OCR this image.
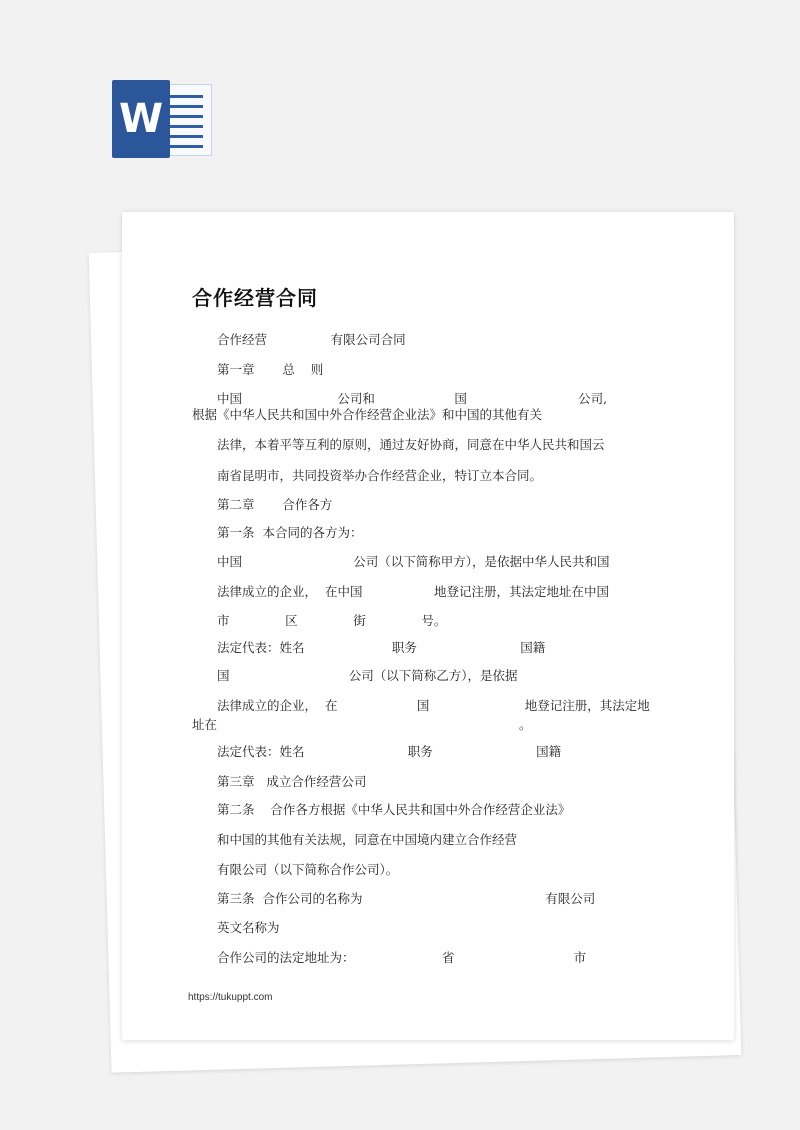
W
合作经营合同
合作经营                有限公司合同
第一章       总    则
中国                        公司和                    国                            公司,
根据《中华人民共和国中外合作经营企业法》和中国的其他有关
法律，本着平等互利的原则，通过友好协商，同意在中华人民共和国云
南省昆明市，共同投资举办合作经营企业，特订立本合同。
第二章       合作各方
第一条  本合同的各方为：
中国                            公司（以下简称甲方），是依据中华人民共和国
法律成立的企业，  在中国                  地登记注册，其法定地址在中国
市              区              街              号。
法定代表：姓名                      职务                          国籍
国                              公司（以下简称乙方），是依据
法律成立的企业，  在                    国                        地登记注册，其法定地
址在                                                                            。
法定代表：姓名                          职务                          国籍
第三章   成立合作经营公司
第二条    合作各方根据《中华人民共和国中外合作经营企业法》
和中国的其他有关法规，同意在中国境内建立合作经营
有限公司（以下简称合作公司）。
第三条  合作公司的名称为                                              有限公司
英文名称为
合作公司的法定地址为：                      省                              市
https://tukuppt.com
